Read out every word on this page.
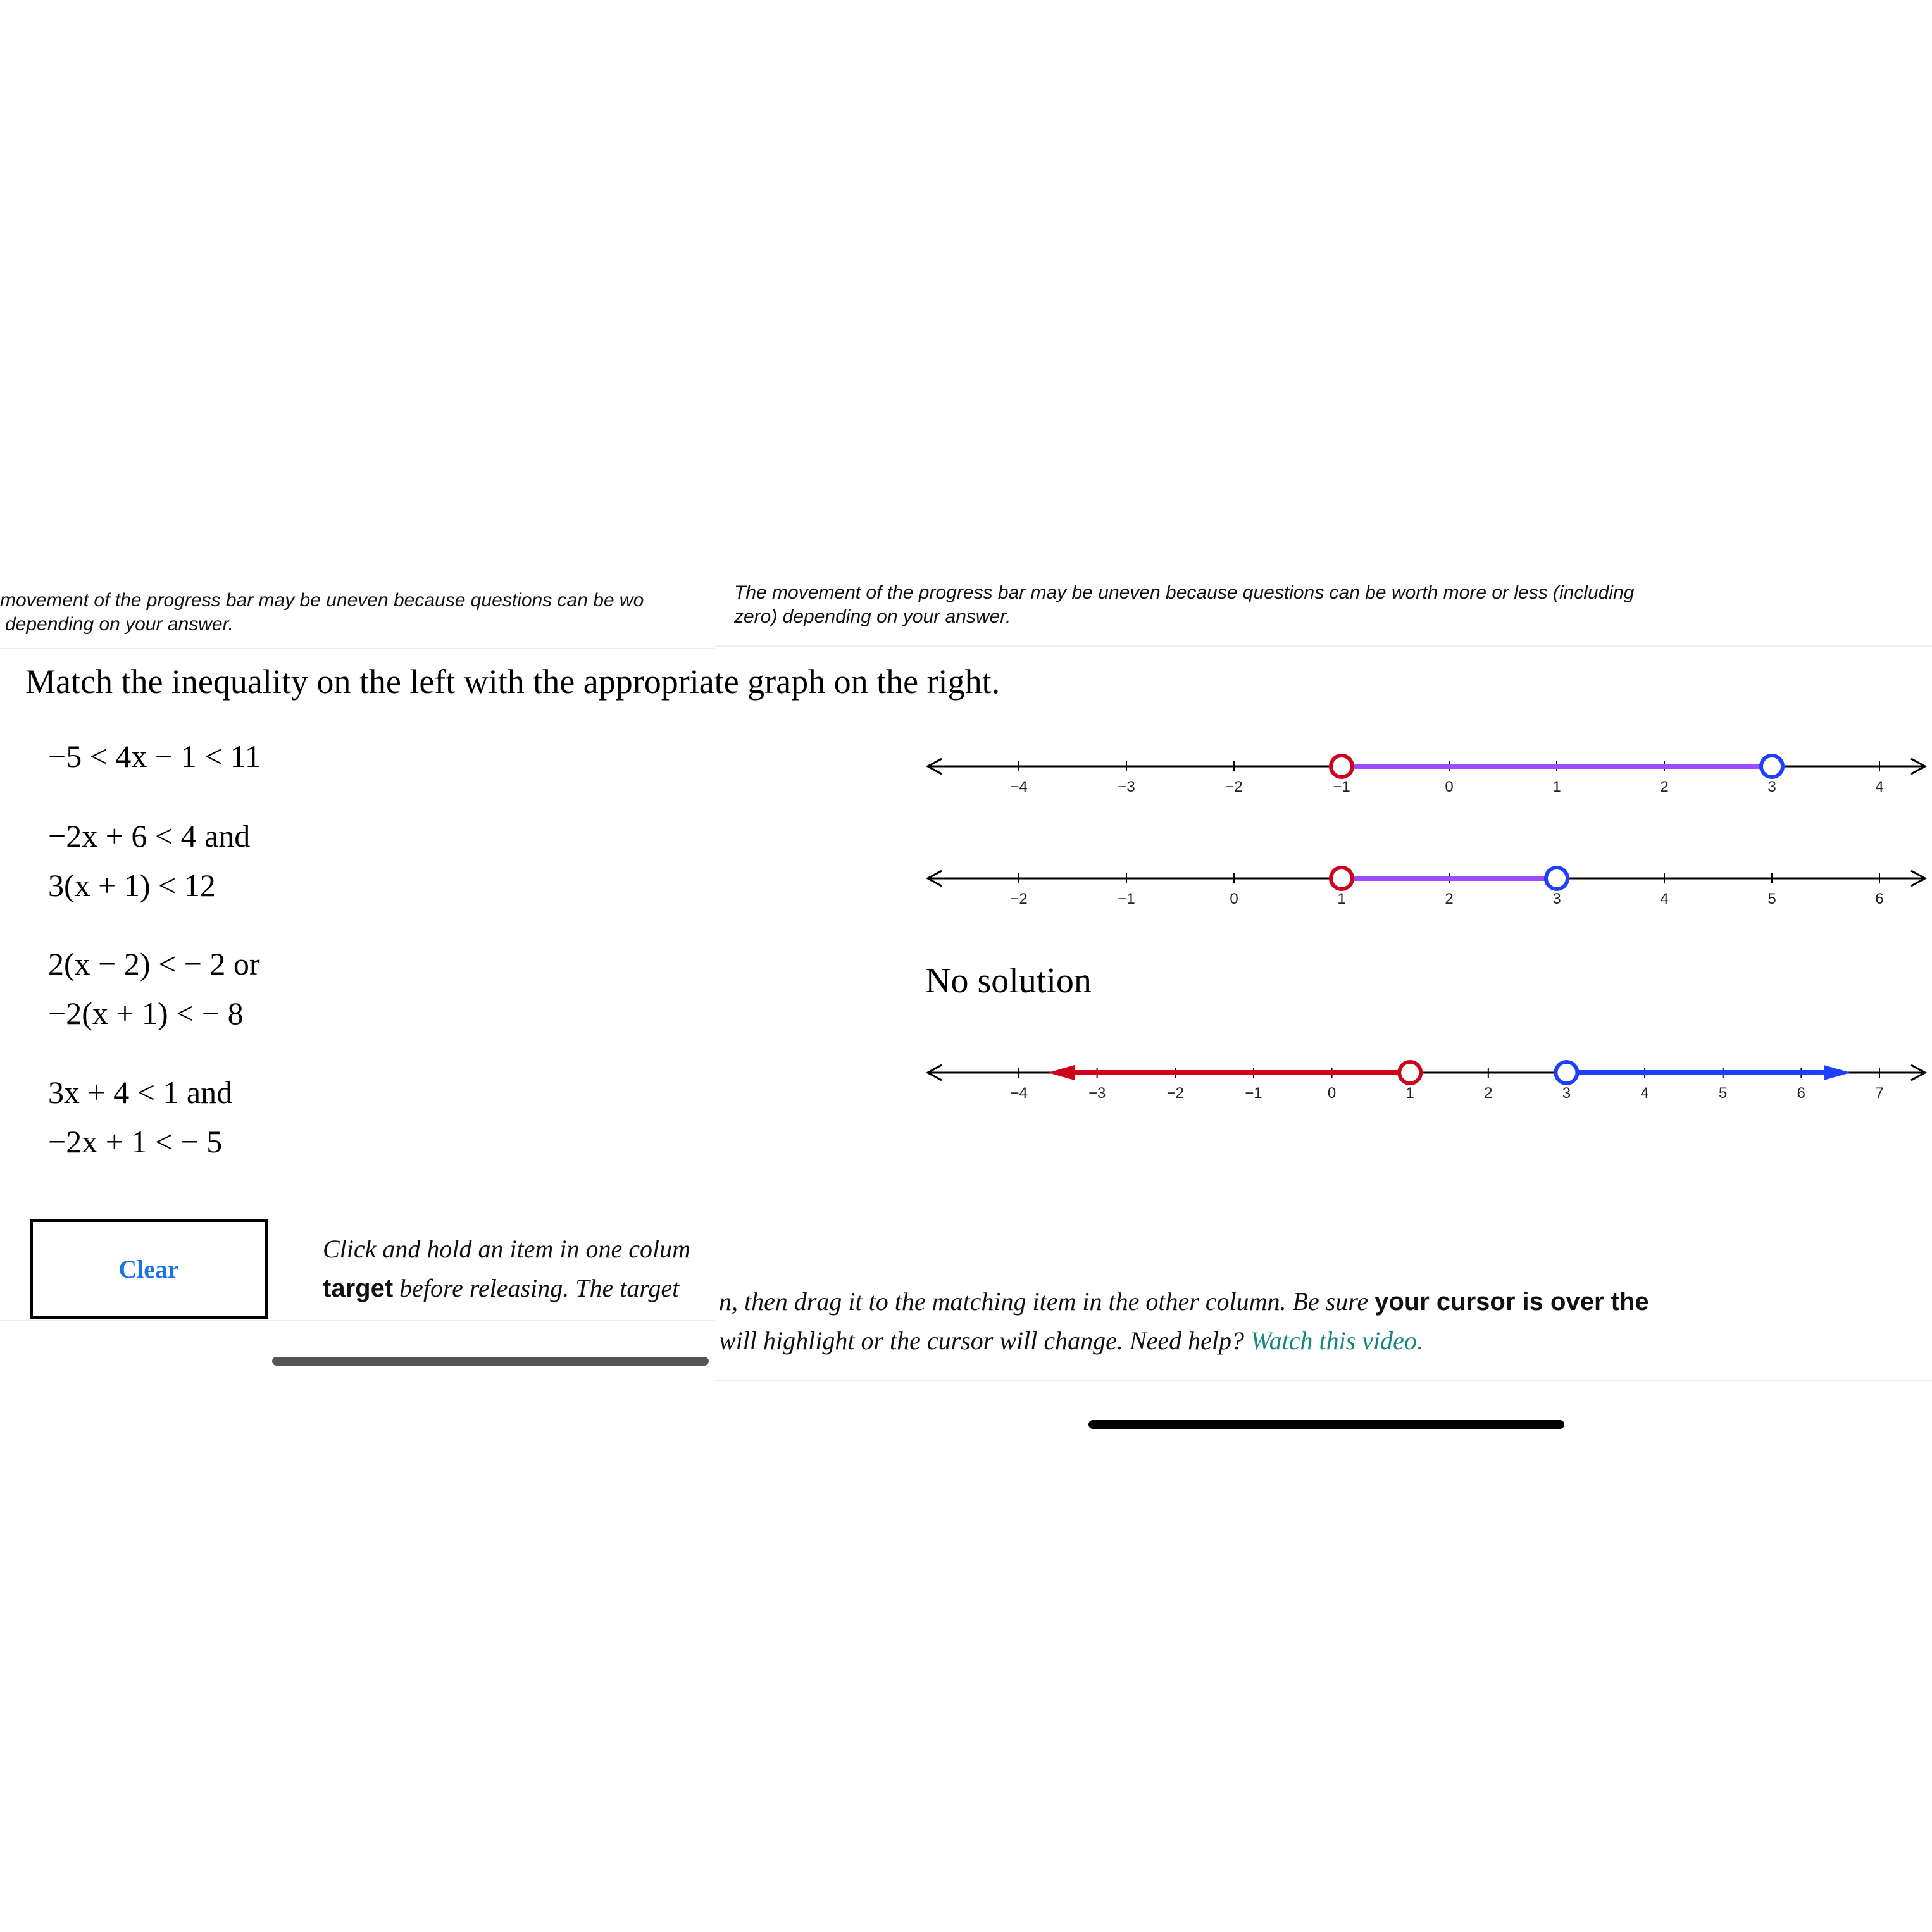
movement of the progress bar may be uneven because questions can be wo
depending on your answer.
The movement of the progress bar may be uneven because questions can be worth more or less (including
zero) depending on your answer.
Match the inequality on the left with the appropriate graph on the right.
−5 < 4x − 1 < 11
−2x + 6 < 4 and
3(x + 1) < 12
2(x − 2) < − 2 or
−2(x + 1) < − 8
3x + 4 < 1 and
−2x + 1 < − 5
−4	−3	−2	−1	0	1	2	3	4
−2	−1	0	1	2	3	4	5	6
No solution
−4	−3	−2	−1	0	1	2	3	4	5	6	7
Clear
Click and hold an item in one colum
target before releasing. The target	n, then drag it to the matching item in the other column. Be sure your cursor is over the
will highlight or the cursor will change. Need help? Watch this video.
